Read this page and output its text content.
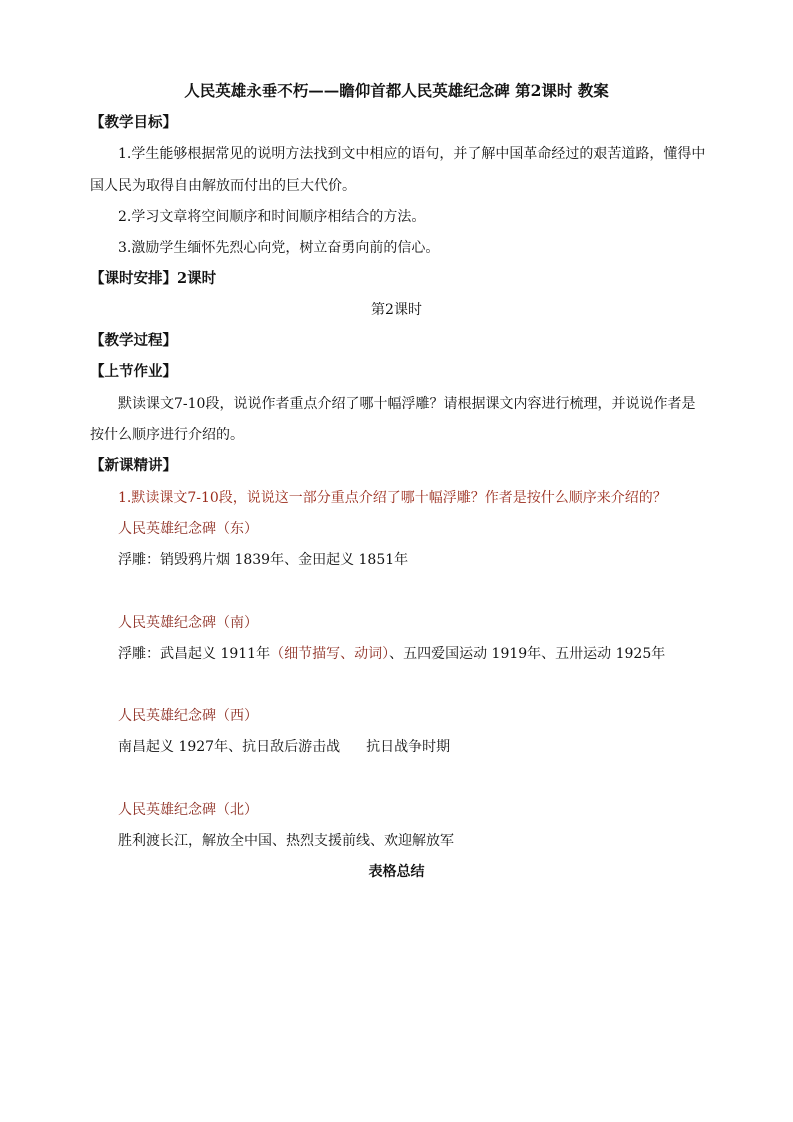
人民英雄永垂不朽——瞻仰首都人民英雄纪念碑 第2课时 教案
【教学目标】
1.学生能够根据常见的说明方法找到文中相应的语句，并了解中国革命经过的艰苦道路，懂得中
国人民为取得自由解放而付出的巨大代价。
2.学习文章将空间顺序和时间顺序相结合的方法。
3.激励学生缅怀先烈心向党，树立奋勇向前的信心。
【课时安排】2课时
第2课时
【教学过程】
【上节作业】
默读课文7-10段，说说作者重点介绍了哪十幅浮雕？请根据课文内容进行梳理，并说说作者是
按什么顺序进行介绍的。
【新课精讲】
1.默读课文7-10段，说说这一部分重点介绍了哪十幅浮雕？作者是按什么顺序来介绍的？
人民英雄纪念碑（东）
浮雕：销毁鸦片烟 1839年、金田起义 1851年
人民英雄纪念碑（南）
浮雕：武昌起义 1911年（细节描写、动词）、五四爱国运动 1919年、五卅运动 1925年
人民英雄纪念碑（西）
南昌起义 1927年、抗日敌后游击战 抗日战争时期
人民英雄纪念碑（北）
胜利渡长江，解放全中国、热烈支援前线、欢迎解放军
表格总结
